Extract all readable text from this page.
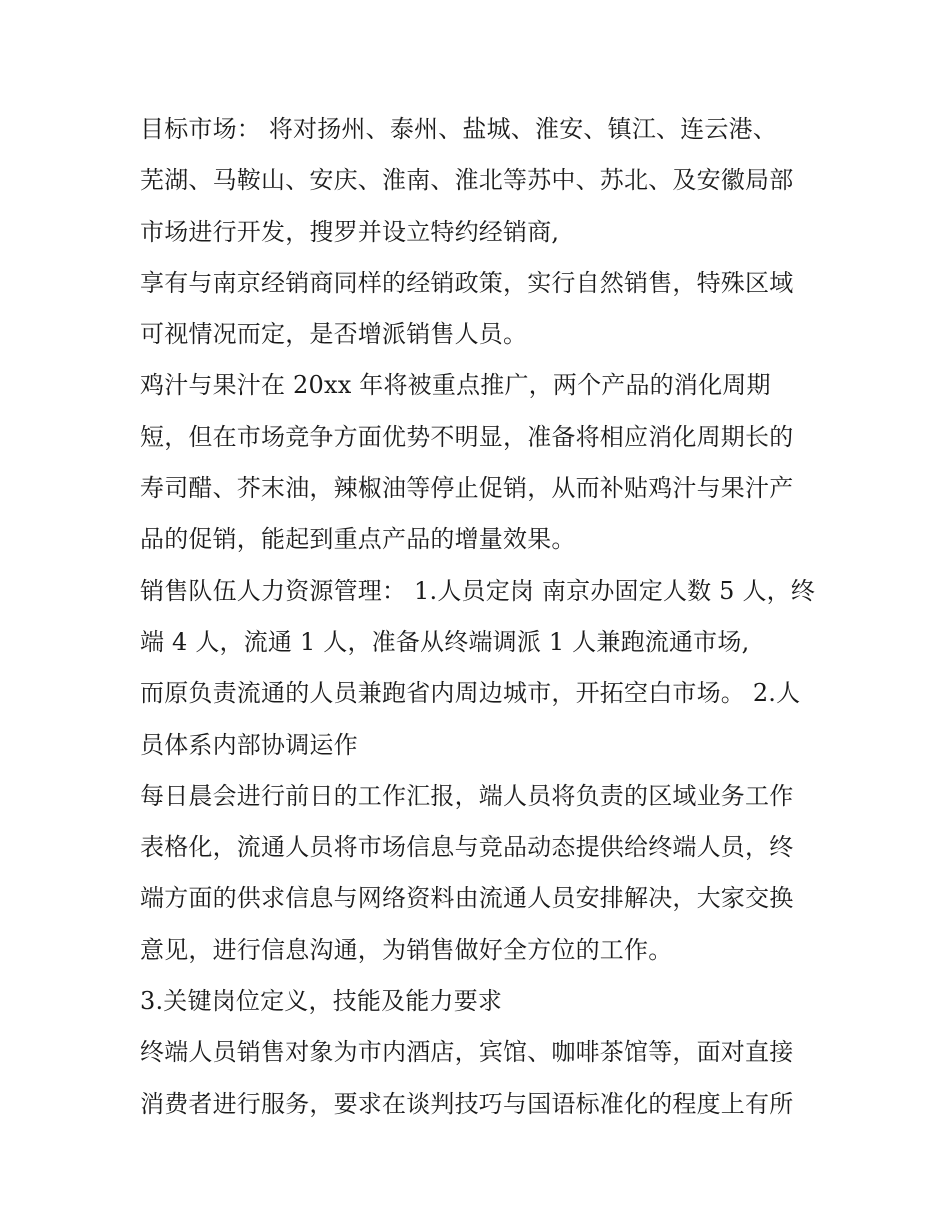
目标市场： 将对扬州、泰州、盐城、淮安、镇江、连云港、
芜湖、马鞍山、安庆、淮南、淮北等苏中、苏北、及安徽局部
市场进行开发，搜罗并设立特约经销商,
享有与南京经销商同样的经销政策，实行自然销售，特殊区域
可视情况而定，是否增派销售人员。
鸡汁与果汁在 20xx 年将被重点推广，两个产品的消化周期
短，但在市场竞争方面优势不明显，准备将相应消化周期长的
寿司醋、芥末油，辣椒油等停止促销，从而补贴鸡汁与果汁产
品的促销，能起到重点产品的增量效果。
销售队伍人力资源管理： 1.人员定岗 南京办固定人数 5 人，终
端 4 人，流通 1 人，准备从终端调派 1 人兼跑流通市场,
而原负责流通的人员兼跑省内周边城市，开拓空白市场。 2.人
员体系内部协调运作
每日晨会进行前日的工作汇报，端人员将负责的区域业务工作
表格化，流通人员将市场信息与竞品动态提供给终端人员，终
端方面的供求信息与网络资料由流通人员安排解决，大家交换
意见，进行信息沟通，为销售做好全方位的工作。
3.关键岗位定义，技能及能力要求
终端人员销售对象为市内酒店，宾馆、咖啡茶馆等，面对直接
消费者进行服务，要求在谈判技巧与国语标准化的程度上有所
